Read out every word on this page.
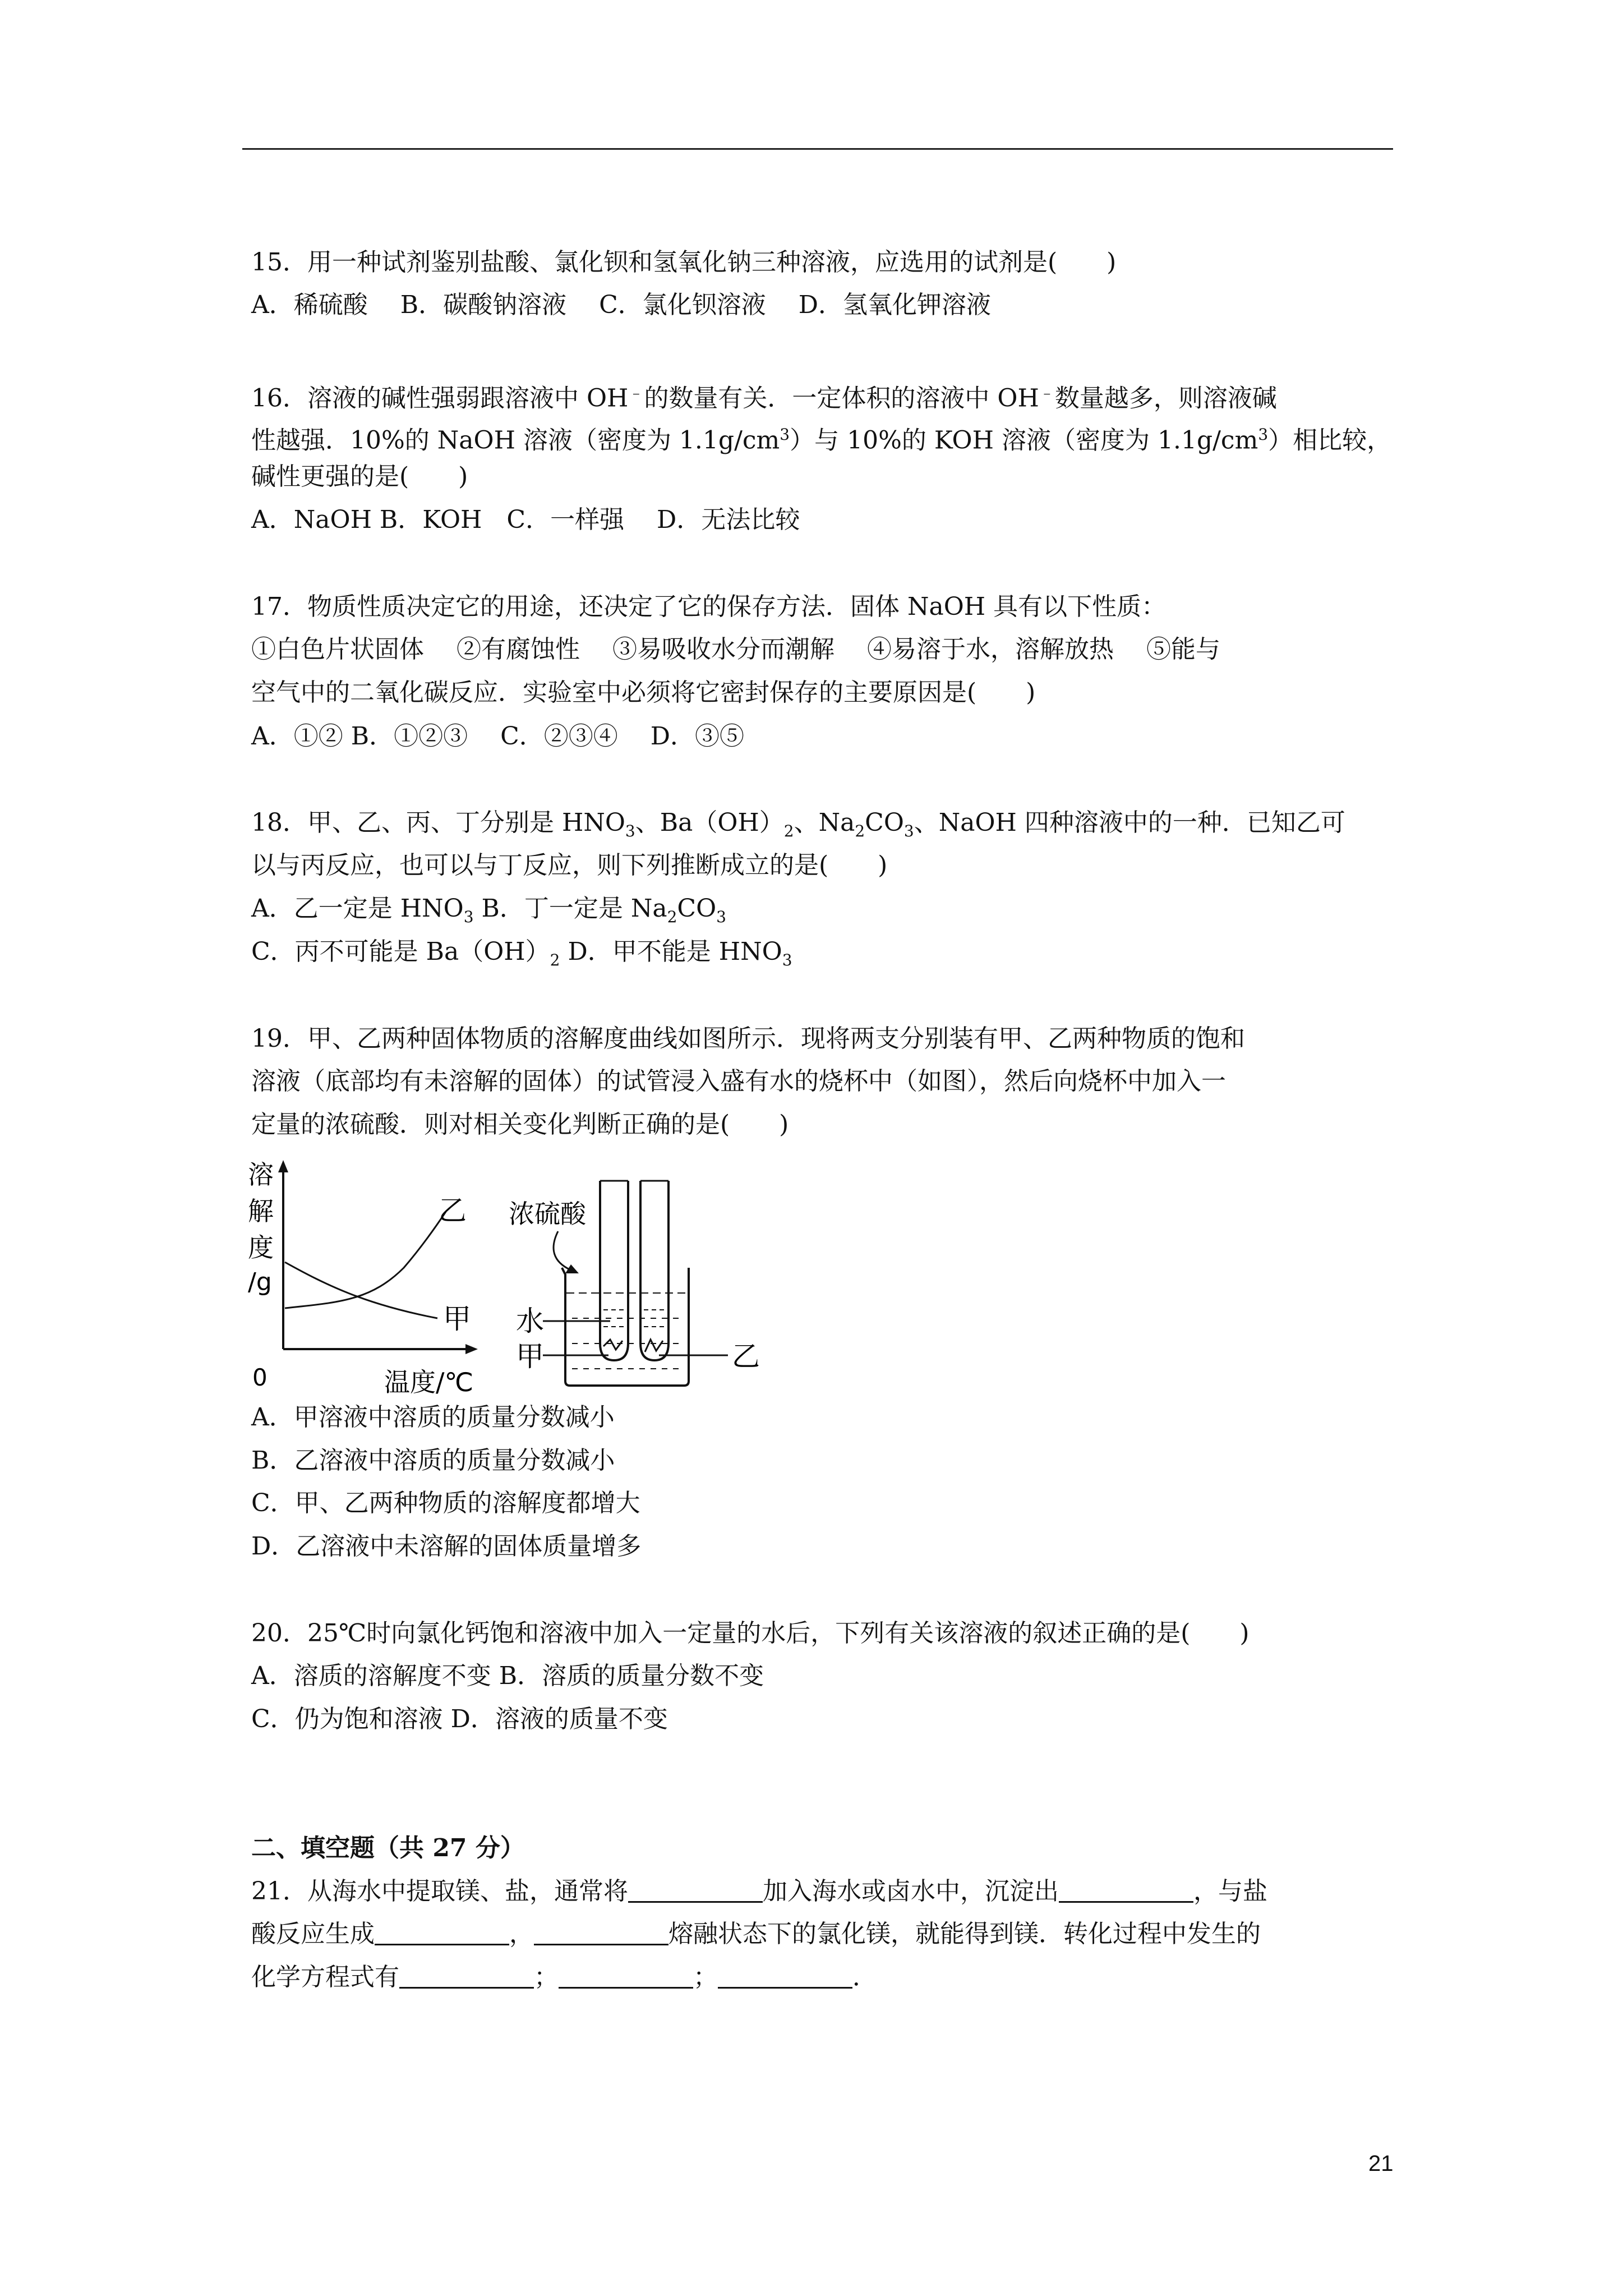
15．用一种试剂鉴别盐酸、氯化钡和氢氧化钠三种溶液，应选用的试剂是(　　)
A．稀硫酸　 B．碳酸钠溶液　 C．氯化钡溶液　 D．氢氧化钾溶液
16．溶液的碱性强弱跟溶液中 OH﹣的数量有关．一定体积的溶液中 OH﹣数量越多，则溶液碱
性越强．10%的 NaOH 溶液（密度为 $1.1g/cm^3$）与 10%的 KOH 溶液（密度为 $1.1g/cm^3$）相比较，
碱性更强的是(　　)
A．NaOH B．KOH　C．一样强　 D．无法比较
17．物质性质决定它的用途，还决定了它的保存方法．固体 NaOH 具有以下性质：
①白色片状固体　 ②有腐蚀性　 ③易吸收水分而潮解　 ④易溶于水，溶解放热　 ⑤能与
空气中的二氧化碳反应．实验室中必须将它密封保存的主要原因是(　　)
A．①② B．①②③　 C．②③④　 D．③⑤
18．甲、乙、丙、丁分别是 $HNO_3$、$Ba(OH)_2$、$Na_2CO_3$、NaOH 四种溶液中的一种．已知乙可
以与丙反应，也可以与丁反应，则下列推断成立的是(　　)
A．乙一定是 $HNO_3$ B．丁一定是 $Na_2CO_3$
C．丙不可能是 $Ba(OH)_2$ D．甲不能是 $HNO_3$
19．甲、乙两种固体物质的溶解度曲线如图所示．现将两支分别装有甲、乙两种物质的饱和
溶液（底部均有未溶解的固体）的试管浸入盛有水的烧杯中（如图），然后向烧杯中加入一
定量的浓硫酸．则对相关变化判断正确的是(　　)
溶
解
度
/g
0	温度/℃
乙
甲
浓硫酸
水
甲	乙
A．甲溶液中溶质的质量分数减小
B．乙溶液中溶质的质量分数减小
C．甲、乙两种物质的溶解度都增大
D．乙溶液中未溶解的固体质量增多
20．25℃时向氯化钙饱和溶液中加入一定量的水后，下列有关该溶液的叙述正确的是(　　)
A．溶质的溶解度不变 B．溶质的质量分数不变
C．仍为饱和溶液 D．溶液的质量不变
二、填空题（共 27 分）
21．从海水中提取镁、盐，通常将	加入海水或卤水中，沉淀出	，与盐
酸反应生成	，	熔融状态下的氯化镁，就能得到镁．转化过程中发生的
化学方程式有	；	；	．
21
